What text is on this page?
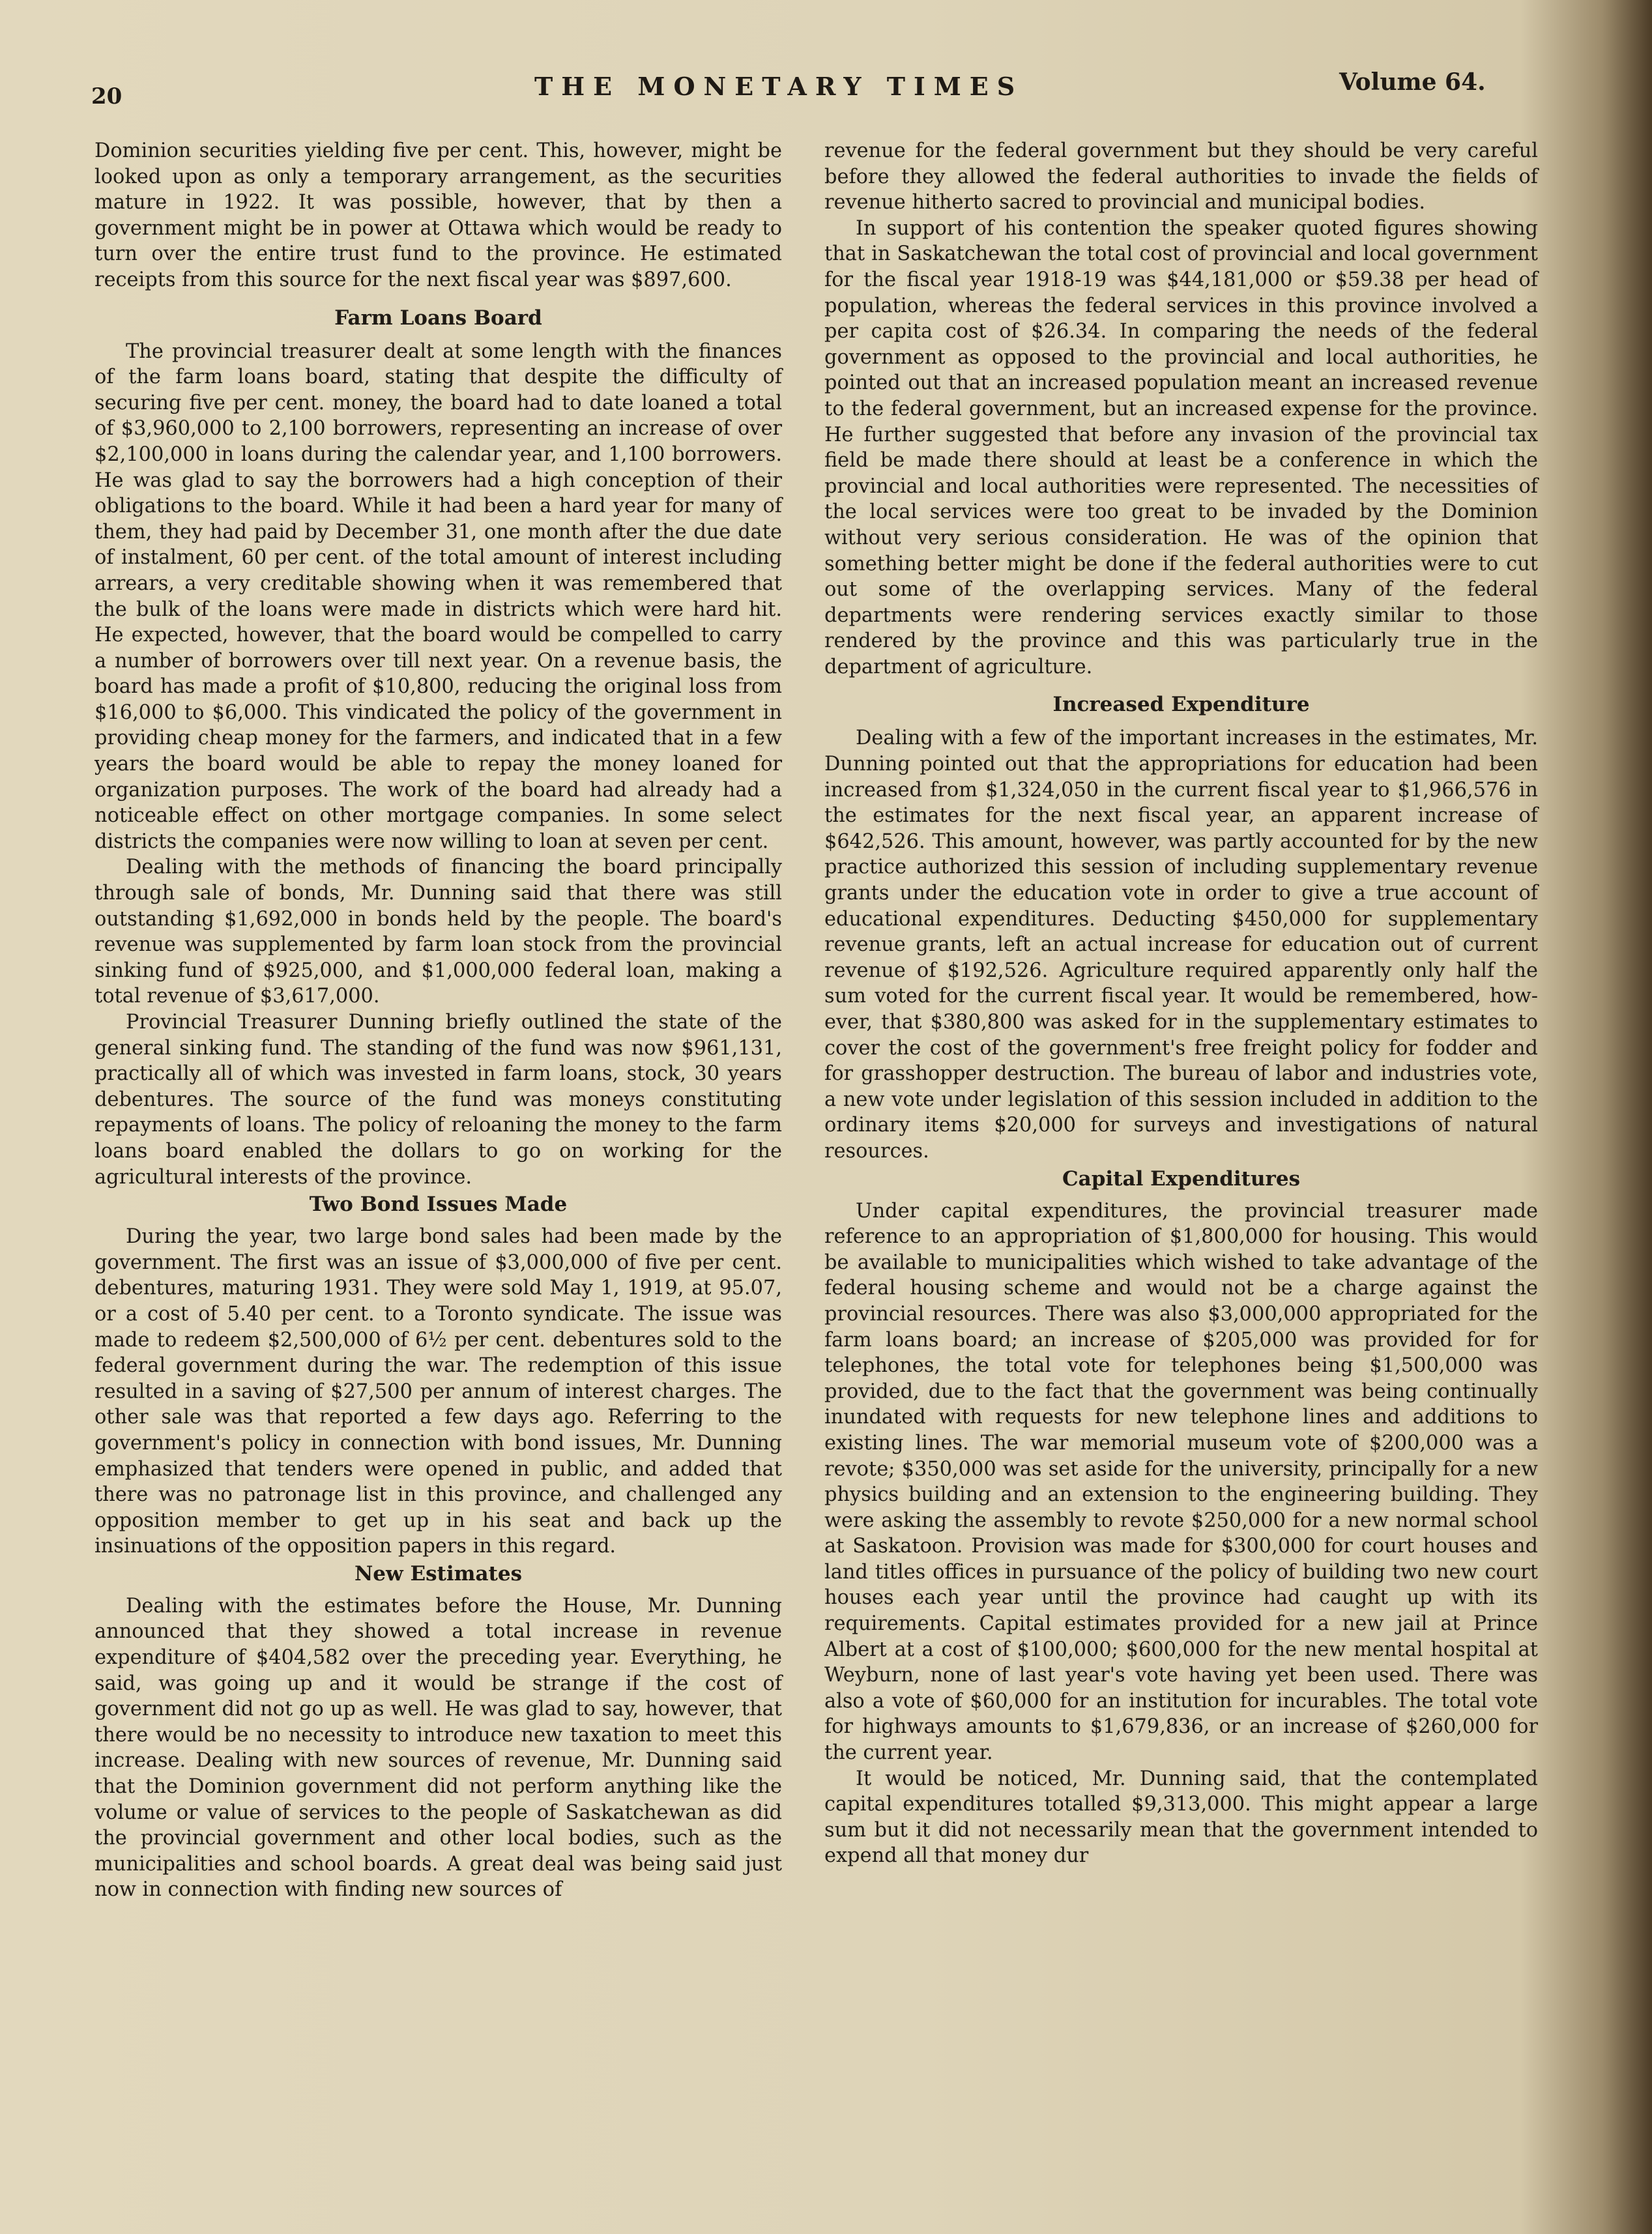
20	THE MONETARY TIMES	Volume 64.

Dominion securities yielding five per cent. This, however, might be looked upon as only a temporary arrangement, as the securities mature in 1922. It was possible, however, that by then a government might be in power at Ottawa which would be ready to turn over the entire trust fund to the province. He estimated receipts from this source for the next fiscal year was $897,600.

Farm Loans Board

The provincial treasurer dealt at some length with the finances of the farm loans board, stating that despite the difficulty of securing five per cent. money, the board had to date loaned a total of $3,960,000 to 2,100 borrowers, representing an increase of over $2,100,000 in loans during the calendar year, and 1,100 borrowers. He was glad to say the borrowers had a high conception of their obligations to the board. While it had been a hard year for many of them, they had paid by December 31, one month after the due date of instalment, 60 per cent. of the total amount of interest including arrears, a very creditable showing when it was remembered that the bulk of the loans were made in districts which were hard hit. He expected, however, that the board would be compelled to carry a number of borrowers over till next year. On a revenue basis, the board has made a profit of $10,800, reducing the original loss from $16,000 to $6,000. This vindicated the policy of the government in providing cheap money for the farmers, and indicated that in a few years the board would be able to repay the money loaned for organization purposes. The work of the board had already had a noticeable effect on other mortgage companies. In some select districts the companies were now willing to loan at seven per cent.

Dealing with the methods of financing the board principally through sale of bonds, Mr. Dunning said that there was still outstanding $1,692,000 in bonds held by the people. The board's revenue was supplemented by farm loan stock from the provincial sinking fund of $925,000, and $1,000,000 federal loan, making a total revenue of $3,617,000.

Provincial Treasurer Dunning briefly outlined the state of the general sinking fund. The standing of the fund was now $961,131, practically all of which was invested in farm loans, stock, 30 years debentures. The source of the fund was moneys constituting repayments of loans. The policy of reloaning the money to the farm loans board enabled the dollars to go on working for the agricultural interests of the province.

Two Bond Issues Made

During the year, two large bond sales had been made by the government. The first was an issue of $3,000,000 of five per cent. debentures, maturing 1931. They were sold May 1, 1919, at 95.07, or a cost of 5.40 per cent. to a Toronto syndicate. The issue was made to redeem $2,500,000 of 6½ per cent. debentures sold to the federal government during the war. The redemption of this issue resulted in a saving of $27,500 per annum of interest charges. The other sale was that reported a few days ago. Referring to the government's policy in connection with bond issues, Mr. Dunning emphasized that tenders were opened in public, and added that there was no patronage list in this province, and challenged any opposition member to get up in his seat and back up the insinuations of the opposition papers in this regard.

New Estimates

Dealing with the estimates before the House, Mr. Dunning announced that they showed a total increase in revenue expenditure of $404,582 over the preceding year. Everything, he said, was going up and it would be strange if the cost of government did not go up as well. He was glad to say, however, that there would be no necessity to introduce new taxation to meet this increase. Dealing with new sources of revenue, Mr. Dunning said that the Dominion government did not perform anything like the volume or value of services to the people of Saskatchewan as did the provincial government and other local bodies, such as the municipalities and school boards. A great deal was being said just now in connection with finding new sources of

revenue for the federal government but they should be very careful before they allowed the federal authorities to invade the fields of revenue hitherto sacred to provincial and municipal bodies.

In support of his contention the speaker quoted figures showing that in Saskatchewan the total cost of provincial and local government for the fiscal year 1918-19 was $44,181,000 or $59.38 per head of population, whereas the federal services in this province involved a per capita cost of $26.34. In comparing the needs of the federal government as opposed to the provincial and local authorities, he pointed out that an increased population meant an increased revenue to the federal government, but an increased expense for the province. He further suggested that before any invasion of the provincial tax field be made there should at least be a conference in which the provincial and local authorities were represented. The necessities of the local services were too great to be invaded by the Dominion without very serious consideration. He was of the opinion that something better might be done if the federal authorities were to cut out some of the overlapping services. Many of the federal departments were rendering services exactly similar to those rendered by the province and this was particularly true in the department of agriculture.

Increased Expenditure

Dealing with a few of the important increases in the estimates, Mr. Dunning pointed out that the appropriations for education had been increased from $1,324,050 in the current fiscal year to $1,966,576 in the estimates for the next fiscal year, an apparent increase of $642,526. This amount, however, was partly accounted for by the new practice authorized this session of including supplementary revenue grants under the education vote in order to give a true account of educational expenditures. Deducting $450,000 for supplementary revenue grants, left an actual increase for education out of current revenue of $192,526. Agriculture required apparently only half the sum voted for the current fiscal year. It would be remembered, however, that $380,800 was asked for in the supplementary estimates to cover the cost of the government's free freight policy for fodder and for grasshopper destruction. The bureau of labor and industries vote, a new vote under legislation of this session included in addition to the ordinary items $20,000 for surveys and investigations of natural resources.

Capital Expenditures

Under capital expenditures, the provincial treasurer made reference to an appropriation of $1,800,000 for housing. This would be available to municipalities which wished to take advantage of the federal housing scheme and would not be a charge against the provincial resources. There was also $3,000,000 appropriated for the farm loans board; an increase of $205,000 was provided for for telephones, the total vote for telephones being $1,500,000 was provided, due to the fact that the government was being continually inundated with requests for new telephone lines and additions to existing lines. The war memorial museum vote of $200,000 was a revote; $350,000 was set aside for the university, principally for a new physics building and an extension to the engineering building. They were asking the assembly to revote $250,000 for a new normal school at Saskatoon. Provision was made for $300,000 for court houses and land titles offices in pursuance of the policy of building two new court houses each year until the province had caught up with its requirements. Capital estimates provided for a new jail at Prince Albert at a cost of $100,000; $600,000 for the new mental hospital at Weyburn, none of last year's vote having yet been used. There was also a vote of $60,000 for an institution for incurables. The total vote for highways amounts to $1,679,836, or an increase of $260,000 for the current year.

It would be noticed, Mr. Dunning said, that the contemplated capital expenditures totalled $9,313,000. This might appear a large sum but it did not necessarily mean that the government intended to expend all that money dur
